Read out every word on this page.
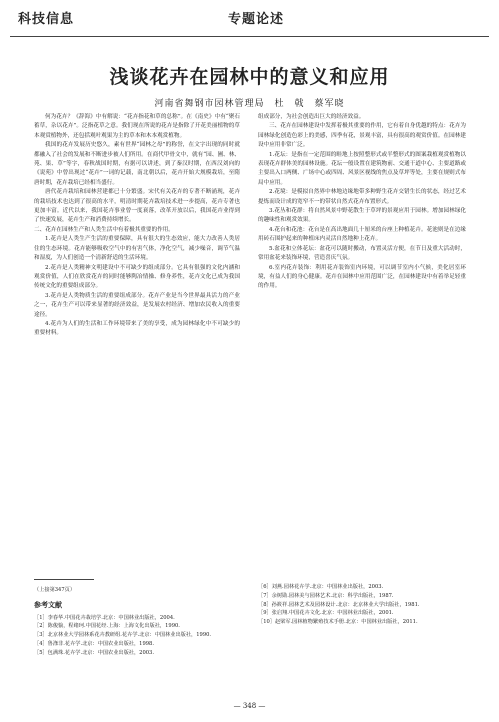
科技信息	专题论述
浅谈花卉在园林中的意义和应用
河南省舞钢市园林管理局　杜　戟　蔡军晓

何为花卉？《辞海》中有解说：“花卉指花和草的总称”。在《南史》中有“聚石蓄草，杂以花卉”。泛指花草之意。我们现在所说的花卉是指除了开花美丽植物的草本观赏植物外，还包括观叶观果为主的草本和木本观赏植物。

我国的花卉发展历史悠久，素有世界“园林之母”的称誉，在文字出现的同时就都融入了社会的发展和不断进步被人们所用。在商代甲骨文中，就有“园、圃、林、苑、果、草”等字，春秋战国时期，有据可以讲述，到了秦汉时期，在西汉刘向的《说苑》中曾出现过“花卉”一词的记载，南北朝以后，花卉开始大规模栽培，至隋唐时期，花卉栽培已经相当盛行。

唐代花卉栽培和园林营建都已十分繁盛。宋代有关花卉的专著不断涌现，花卉的栽培技术也达到了很高的水平，明清时期花卉栽培技术进一步提高，花卉专著也更加丰富。近代以来，我国花卉事业曾一度衰落，改革开放以后，我国花卉业得到了快速发展，花卉生产和消费持续增长。

二、花卉在园林生产和人类生活中有着极其重要的作用。

1.花卉是人类生产生活的重要保障，具有很大的生态效应，能大力改善人类居住的生态环境。花卉能够吸收空气中的有害气体，净化空气，减少噪音，调节气温和湿度，为人们创造一个清新舒适的生活环境。

2.花卉是人类精神文明建设中不可缺少的组成部分。它具有很强的文化内涵和观赏价值，人们在欣赏花卉的同时能够陶冶情操、修身养性，花卉文化已成为我国传统文化的重要组成部分。

3.花卉是人类物质生活的重要组成部分。花卉产业是当今世界最具活力的产业之一，花卉生产可以带来显著的经济效益，是发展农村经济、增加农民收入的重要途径。

4.花卉为人们的生活和工作环境带来了美的享受，成为园林绿化中不可缺少的重要材料。

组成部分，为社会创造出巨大的经济效益。

三、花卉在园林建设中发挥着极其重要的作用，它有着自身优越的特点：花卉为园林绿化创造色彩上的美感，四季有花，景观丰富，具有很高的观赏价值。在园林建设中应用非常广泛。

1.花坛：是指在一定范围的畦地上按照整形式或半整形式的图案栽植观赏植物以表现花卉群体美的园林设施。花坛一般设置在建筑物前、交通干道中心、主要道路或主要出入口两侧、广场中心或四周、风景区视线的焦点及草坪等处，主要在规则式布局中应用。

2.花境：是模拟自然界中林地边缘地带多种野生花卉交错生长的状态，经过艺术提炼而设计成的宽窄不一的带状自然式花卉布置形式。

3.花丛和花群：将自然风景中野花散生于草坪的景观应用于园林。增加园林绿化的趣味性和观赏效果。

4.花台和花池：花台是在高出地面几十厘米的台座上种植花卉。花池则是在边缘用砖石围护起来的种植床内灵活自然地种上花卉。

5.盆花和立体花坛：盆花可以随时搬动，布置灵活方便，在节日及重大活动时，常用盆花来装饰环境，营造喜庆气氛。

6.室内花卉装饰：利用花卉装饰室内环境，可以调节室内小气候，美化居室环境，有益人们的身心健康。花卉在园林中应用范围广泛，在园林建设中有着举足轻重的作用。

（上接第347页）

参考文献

［1］李春华.中国花卉栽培学.北京：中国林业出版社，2004.

［2］陈俊愉，程绪珂.中国花经.上海：上海文化出版社，1990.

［3］北京林业大学园林系花卉教研组.花卉学.北京：中国林业出版社，1990.

［4］鲁涤非.花卉学.北京：中国农业出版社，1998.

［5］包满珠.花卉学.北京：中国农业出版社，2003.

［6］刘燕.园林花卉学.北京：中国林业出版社，2003.

［7］余树勋.园林美与园林艺术.北京：科学出版社，1987.

［8］孙筱祥.园林艺术及园林设计.北京：北京林业大学出版社，1981.

［9］张启翔.中国花卉文化.北京：中国林业出版社，2001.

［10］赵梁军.园林植物繁殖技术手册.北京：中国林业出版社，2011.

— 348 —
